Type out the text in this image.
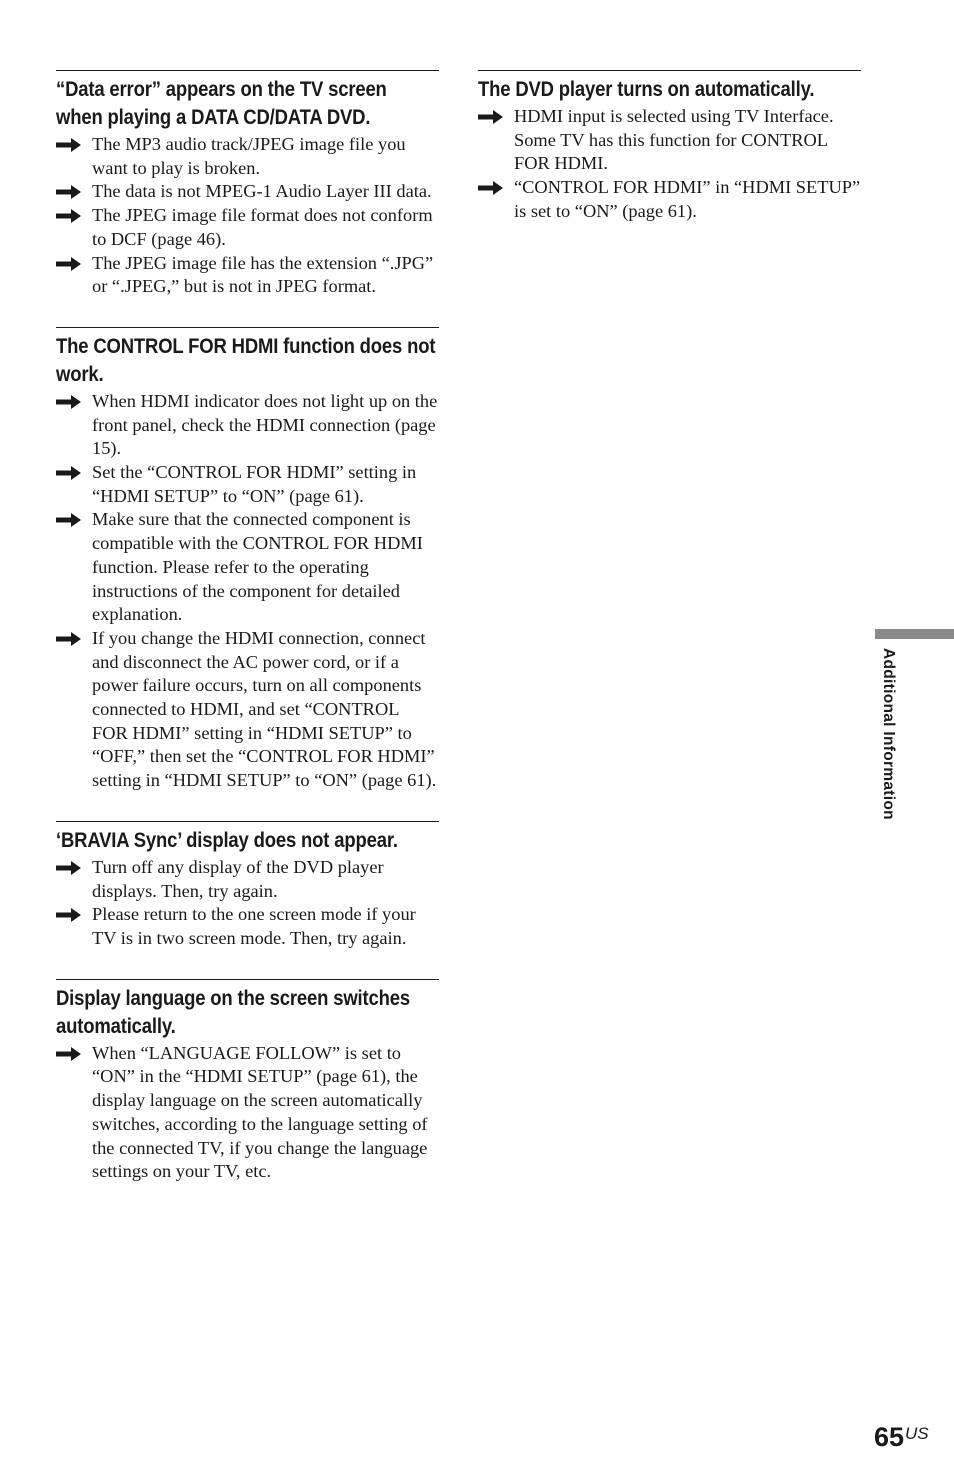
“Data error” appears on the TV screen when playing a DATA CD/DATA DVD.
The MP3 audio track/JPEG image file you want to play is broken.
The data is not MPEG-1 Audio Layer III data.
The JPEG image file format does not conform to DCF (page 46).
The JPEG image file has the extension “.JPG” or “.JPEG,” but is not in JPEG format.
The CONTROL FOR HDMI function does not work.
When HDMI indicator does not light up on the front panel, check the HDMI connection (page 15).
Set the “CONTROL FOR HDMI” setting in “HDMI SETUP” to “ON” (page 61).
Make sure that the connected component is compatible with the CONTROL FOR HDMI function. Please refer to the operating instructions of the component for detailed explanation.
If you change the HDMI connection, connect and disconnect the AC power cord, or if a power failure occurs, turn on all components connected to HDMI, and set “CONTROL FOR HDMI” setting in “HDMI SETUP” to “OFF,” then set the “CONTROL FOR HDMI” setting in “HDMI SETUP” to “ON” (page 61).
‘BRAVIA Sync’ display does not appear.
Turn off any display of the DVD player displays. Then, try again.
Please return to the one screen mode if your TV is in two screen mode. Then, try again.
Display language on the screen switches automatically.
When “LANGUAGE FOLLOW” is set to “ON” in the “HDMI SETUP” (page 61), the display language on the screen automatically switches, according to the language setting of the connected TV, if you change the language settings on your TV, etc.
The DVD player turns on automatically.
HDMI input is selected using TV Interface. Some TV has this function for CONTROL FOR HDMI.
“CONTROL FOR HDMI” in “HDMI SETUP” is set to “ON” (page 61).
Additional Information
65 US
